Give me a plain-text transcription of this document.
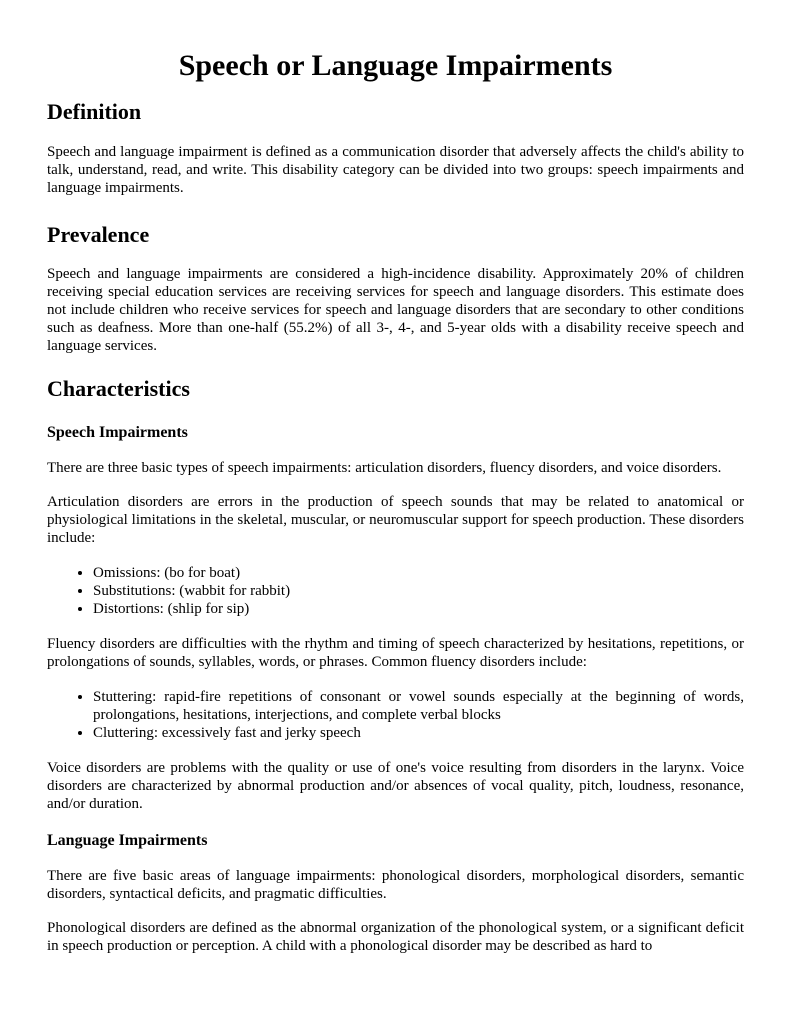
Speech or Language Impairments
Definition

Speech and language impairment is defined as a communication disorder that adversely affects the child's ability to talk, understand, read, and write. This disability category can be divided into two groups: speech impairments and language impairments.

Prevalence

Speech and language impairments are considered a high-incidence disability. Approximately 20% of children receiving special education services are receiving services for speech and language disorders. This estimate does not include children who receive services for speech and language disorders that are secondary to other conditions such as deafness. More than one-half (55.2%) of all 3-, 4-, and 5-year olds with a disability receive speech and language services.

Characteristics
Speech Impairments

There are three basic types of speech impairments: articulation disorders, fluency disorders, and voice disorders.

Articulation disorders are errors in the production of speech sounds that may be related to anatomical or physiological limitations in the skeletal, muscular, or neuromuscular support for speech production. These disorders include:

• Omissions: (bo for boat)
• Substitutions: (wabbit for rabbit)
• Distortions: (shlip for sip)

Fluency disorders are difficulties with the rhythm and timing of speech characterized by hesitations, repetitions, or prolongations of sounds, syllables, words, or phrases. Common fluency disorders include:

• Stuttering: rapid-fire repetitions of consonant or vowel sounds especially at the beginning of words, prolongations, hesitations, interjections, and complete verbal blocks
• Cluttering: excessively fast and jerky speech

Voice disorders are problems with the quality or use of one's voice resulting from disorders in the larynx. Voice disorders are characterized by abnormal production and/or absences of vocal quality, pitch, loudness, resonance, and/or duration.

Language Impairments

There are five basic areas of language impairments: phonological disorders, morphological disorders, semantic disorders, syntactical deficits, and pragmatic difficulties.

Phonological disorders are defined as the abnormal organization of the phonological system, or a significant deficit in speech production or perception. A child with a phonological disorder may be described as hard to
